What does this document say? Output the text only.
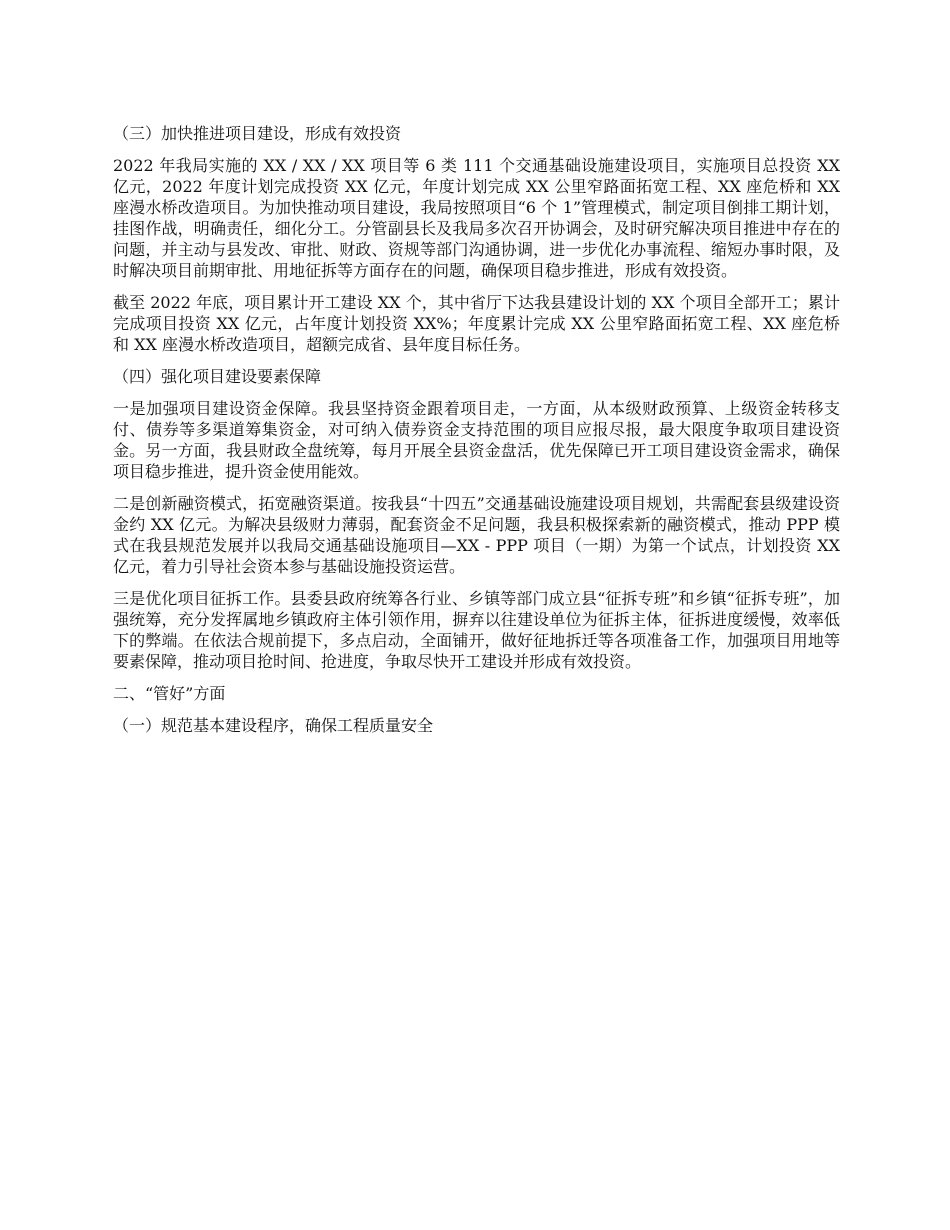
（三）加快推进项目建设，形成有效投资

2022 年我局实施的 XX / XX / XX 项目等 6 类 111 个交通基础设施建设项目，实施项目总投资 XX 亿元，2022 年度计划完成投资 XX 亿元，年度计划完成 XX 公里窄路面拓宽工程、XX 座危桥和 XX 座漫水桥改造项目。为加快推动项目建设，我局按照项目“6 个 1”管理模式，制定项目倒排工期计划，挂图作战，明确责任，细化分工。分管副县长及我局多次召开协调会，及时研究解决项目推进中存在的问题，并主动与县发改、审批、财政、资规等部门沟通协调，进一步优化办事流程、缩短办事时限，及时解决项目前期审批、用地征拆等方面存在的问题，确保项目稳步推进，形成有效投资。

截至 2022 年底，项目累计开工建设 XX 个，其中省厅下达我县建设计划的 XX 个项目全部开工；累计完成项目投资 XX 亿元，占年度计划投资 XX%；年度累计完成 XX 公里窄路面拓宽工程、XX 座危桥和 XX 座漫水桥改造项目，超额完成省、县年度目标任务。

（四）强化项目建设要素保障

一是加强项目建设资金保障。我县坚持资金跟着项目走，一方面，从本级财政预算、上级资金转移支付、债券等多渠道筹集资金，对可纳入债券资金支持范围的项目应报尽报，最大限度争取项目建设资金。另一方面，我县财政全盘统筹，每月开展全县资金盘活，优先保障已开工项目建设资金需求，确保项目稳步推进，提升资金使用能效。

二是创新融资模式，拓宽融资渠道。按我县“十四五”交通基础设施建设项目规划，共需配套县级建设资金约 XX 亿元。为解决县级财力薄弱，配套资金不足问题，我县积极探索新的融资模式，推动 PPP 模式在我县规范发展并以我局交通基础设施项目—XX - PPP 项目（一期）为第一个试点，计划投资 XX 亿元，着力引导社会资本参与基础设施投资运营。

三是优化项目征拆工作。县委县政府统筹各行业、乡镇等部门成立县“征拆专班”和乡镇“征拆专班”，加强统筹，充分发挥属地乡镇政府主体引领作用，摒弃以往建设单位为征拆主体，征拆进度缓慢，效率低下的弊端。在依法合规前提下，多点启动，全面铺开，做好征地拆迁等各项准备工作，加强项目用地等要素保障，推动项目抢时间、抢进度，争取尽快开工建设并形成有效投资。

二、“管好”方面

（一）规范基本建设程序，确保工程质量安全
